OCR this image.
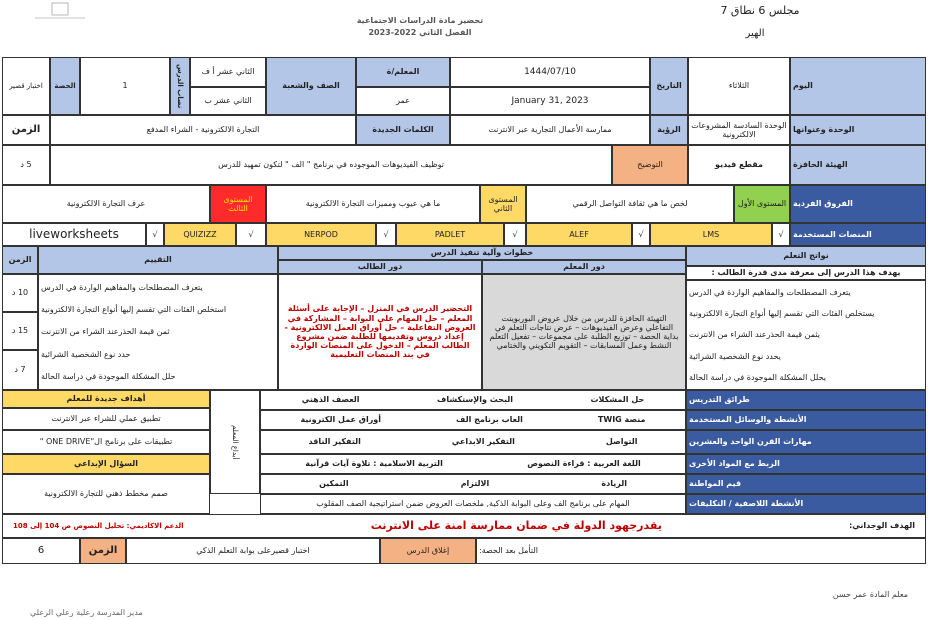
تحضير مادة الدراسات الاجتماعية
الفصل الثاني 2022-2023
مجلس 6 نطاق 7
الهير
اليوم
الثلاثاء
التاريخ
1444/07/10
January 31, 2023
المعلم/ة
عمر
الصف والشعبة
الثاني عشر أ ف
الثاني عشر ب
نصاب الدرس
1
الحصة
اختبار قصير
الوحدة وعنوانها
الوحدة السادسة المشروعات الالكترونية
الرؤية
ممارسة الأعمال التجارية عبر الانترنت
الكلمات الجديدة
التجارة الالكترونية - الشراء المدفع
الزمن
الهيئة الحافزة
مقطع فيديو
التوضيح
توظيف الفيديوهات الموجوده في برنامج " الف " لتكون تمهيد للدرس
5 د
الفروق الفردية
المستوى الأول
لخص ما هي ثقافة التواصل الرقمي
المستوى الثاني
ما هي عيوب ومميزات التجارة الالكترونية
المستوى الثالث
عرف التجارة الالكترونية
المنصات المستخدمة
√
LMS
√
ALEF
√
PADLET
√
NERPOD
√
QUIZIZZ
√
liveworksheets
نواتج التعلم
خطوات وآلية تنفيذ الدرس
دور المعلم
دور الطالب
التقييم
الزمن
يهدف هذا الدرس إلى معرفة مدى قدرة الطالب :
يتعرف المصطلحات والمفاهيم الواردة في الدرس
يستخلص الفئات التي تقسم إليها أنواع التجارة الالكترونية
يثمن قيمة الحذرعند الشراء من الانترنت
يحدد نوع الشخصية الشرائية
يحلل المشكلة الموجودة في دراسة الحالة
التهيئة الحافزة للدرس من خلال عروض البوربوينت التفاعلي وعرض الفيديوهات – عرض نتاجات التعلم في بداية الحصة – توزيع الطلبة على مجموعات – تفعيل التعلم النشط وعمل المسابقات – التقويم التكويني والختامي
التحضير الدرس في المنزل – الإجابة على أسئلة المعلم – حل المهام على البوابة – المشاركة في العروض التفاعلية – حل أوراق العمل الالكترونية - إعداد دروس وتقديمها للطلبة ضمن مشروع الطالب المعلم – الدخول على المنصات الواردة في بند المنصات التعليمية
يتعرف المصطلحات والمفاهيم الواردة في الدرس
استخلص الفئات التي تقسم إليها أنواع التجارة الالكترونية
ثمن قيمة الحذرعند الشراء من الانترنت
حدد نوع الشخصية الشرائية
حلل المشكلة الموجودة في دراسة الحالة
10 د
15 د
7 د
طرائق التدريس
حل المشكلات
البحث والإستكشاف
العصف الذهني
الأنشطة والوسائل المستخدمة
منصة TWIG
العاب برنامج الف
أوراق عمل الكترونية
مهارات القرن الواحد والعشرين
التواصل
التفكير الابداعي
التفكير الناقد
الربط مع المواد الأخرى
اللغة العربية : قراءة النصوص
التربية الاسلامية : تلاوة آيات قرآنية
قيم المواطنة
الريادة
الالتزام
التمكين
الأنشطة اللاصفية / التكليفات
المهام على برنامج الف وعلى البوابة الذكية, ملخصات العروض ضمن استراتيجية الصف المقلوب
أبداع المعلم
أهداف جديدة للمعلم
تطبيق عملي للشراء عبر الانترنت
تطبيقات على برنامج ال"ONE DRIVE "
السؤال الإبداعي
صمم مخطط ذهني للتجارة الالكترونية
الهدف الوجداني:
يقدرجهود الدولة في ضمان ممارسة امنة على الانترنت
الدعم الاكاديمي: تحليل النصوص ص 104 إلى 108
التأمل بعد الحصة:
إغلاق الدرس
اختبار قصيرعلى بوابة التعلم الذكي
الزمن
6
معلم المادة عمر حسن
مدير المدرسة رعلية رعلي الرعلي
